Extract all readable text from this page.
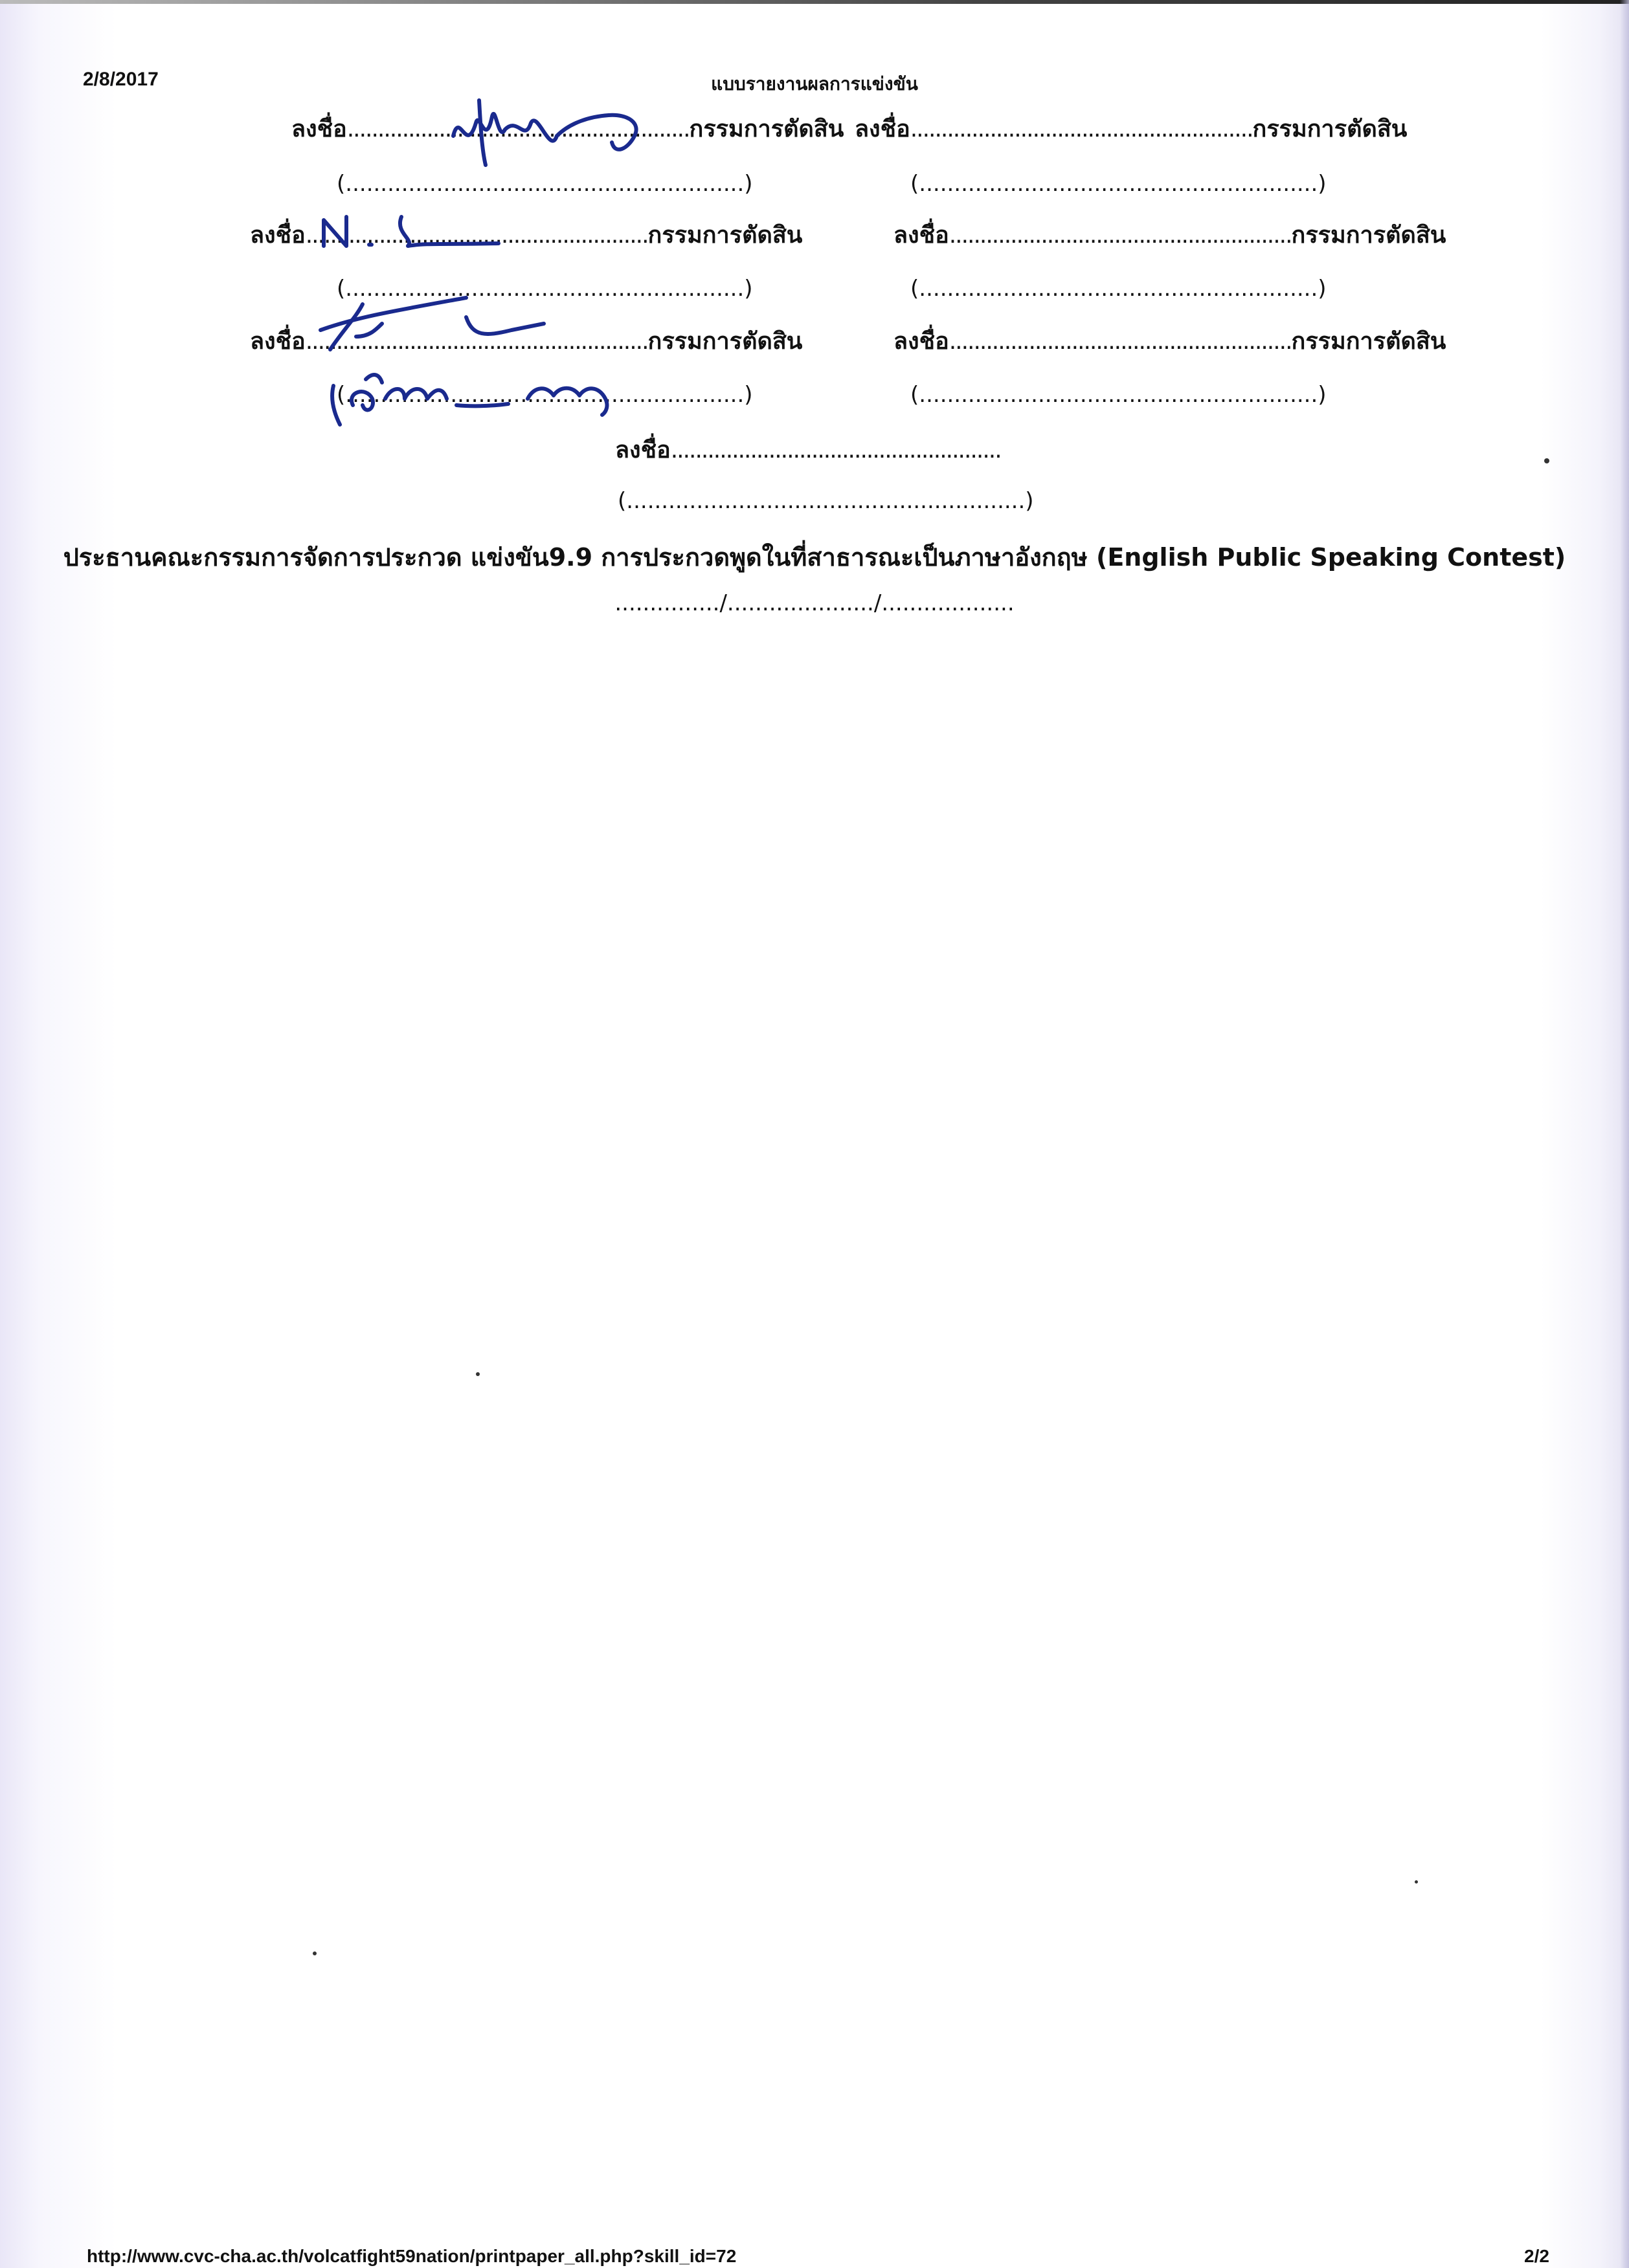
2/8/2017	แบบรายงานผลการแข่งขัน
ลงชื่อ........................................................กรรมการตัดสิน ลงชื่อ........................................................กรรมการตัดสิน
(.........................................................)	(.........................................................)
ลงชื่อ........................................................กรรมการตัดสิน	ลงชื่อ........................................................กรรมการตัดสิน
(.........................................................)	(.........................................................)
ลงชื่อ........................................................กรรมการตัดสิน	ลงชื่อ........................................................กรรมการตัดสิน
(.........................................................)	(.........................................................)
ลงชื่อ......................................................
(.........................................................)
ประธานคณะกรรมการจัดการประกวด แข่งขัน9.9 การประกวดพูดในที่สาธารณะเป็นภาษาอังกฤษ (English Public Speaking Contest)
.............../...................../...................
http://www.cvc-cha.ac.th/volcatfight59nation/printpaper_all.php?skill_id=72	2/2
